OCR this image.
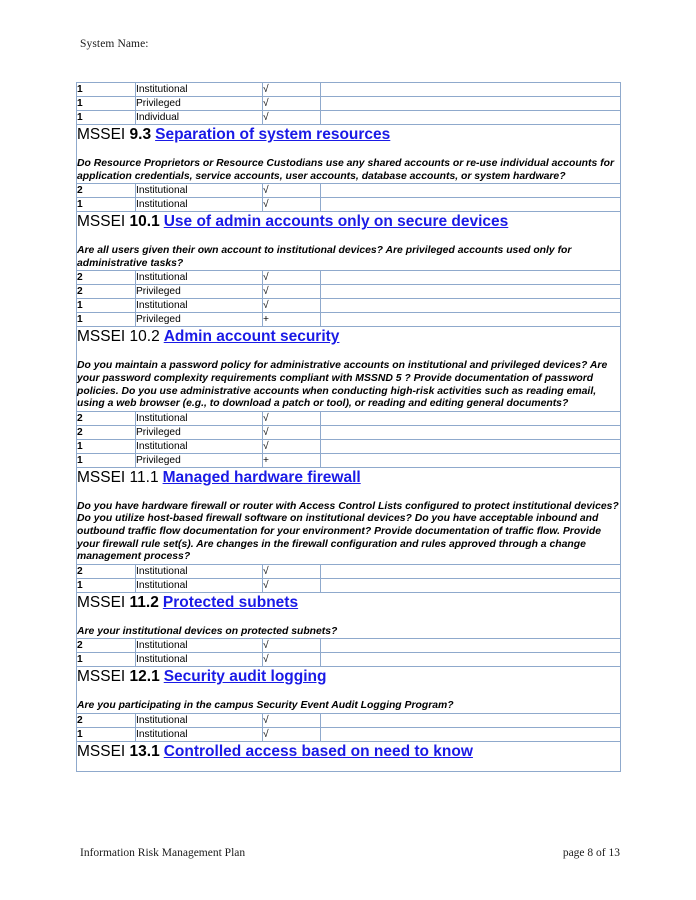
System Name:
1	Institutional	√	
1	Privileged	√	
1	Individual	√	

MSSEI 9.3 Separation of system resources
Do Resource Proprietors or Resource Custodians use any shared accounts or re-use individual accounts for application credentials, service accounts, user accounts, database accounts, or system hardware?			

2	Institutional	√	
1	Institutional	√	

MSSEI 10.1 Use of admin accounts only on secure devices
Are all users given their own account to institutional devices? Are privileged accounts used only for administrative tasks?			

2	Institutional	√	
2	Privileged	√	
1	Institutional	√	
1	Privileged	+	

MSSEI 10.2 Admin account security
Do you maintain a password policy for administrative accounts on institutional and privileged devices? Are your password complexity requirements compliant with MSSND 5 ? Provide documentation of password policies. Do you use administrative accounts when conducting high-risk activities such as reading email, using a web browser (e.g., to download a patch or tool), or reading and editing general documents?			

2	Institutional	√	
2	Privileged	√	
1	Institutional	√	
1	Privileged	+	

MSSEI 11.1 Managed hardware firewall
Do you have hardware firewall or router with Access Control Lists configured to protect institutional devices? Do you utilize host-based firewall software on institutional devices? Do you have acceptable inbound and outbound traffic flow documentation for your environment? Provide documentation of traffic flow. Provide your firewall rule set(s). Are changes in the firewall configuration and rules approved through a change management process?			

2	Institutional	√	
1	Institutional	√	

MSSEI 11.2 Protected subnets
Are your institutional devices on protected subnets?			

2	Institutional	√	
1	Institutional	√	

MSSEI 12.1 Security audit logging
Are you participating in the campus Security Event Audit Logging Program?			

2	Institutional	√	
1	Institutional	√	

MSSEI 13.1 Controlled access based on need to know			
Information Risk Management Plan	page 8 of 13
